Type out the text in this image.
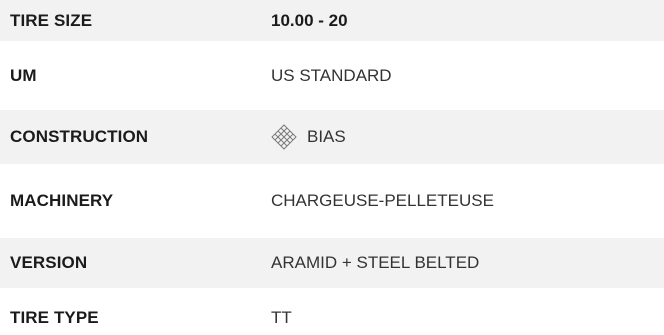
TIRE SIZE	10.00 - 20
UM	US STANDARD
CONSTRUCTION	BIAS
MACHINERY	CHARGEUSE-PELLETEUSE
VERSION	ARAMID + STEEL BELTED
TIRE TYPE	TT
